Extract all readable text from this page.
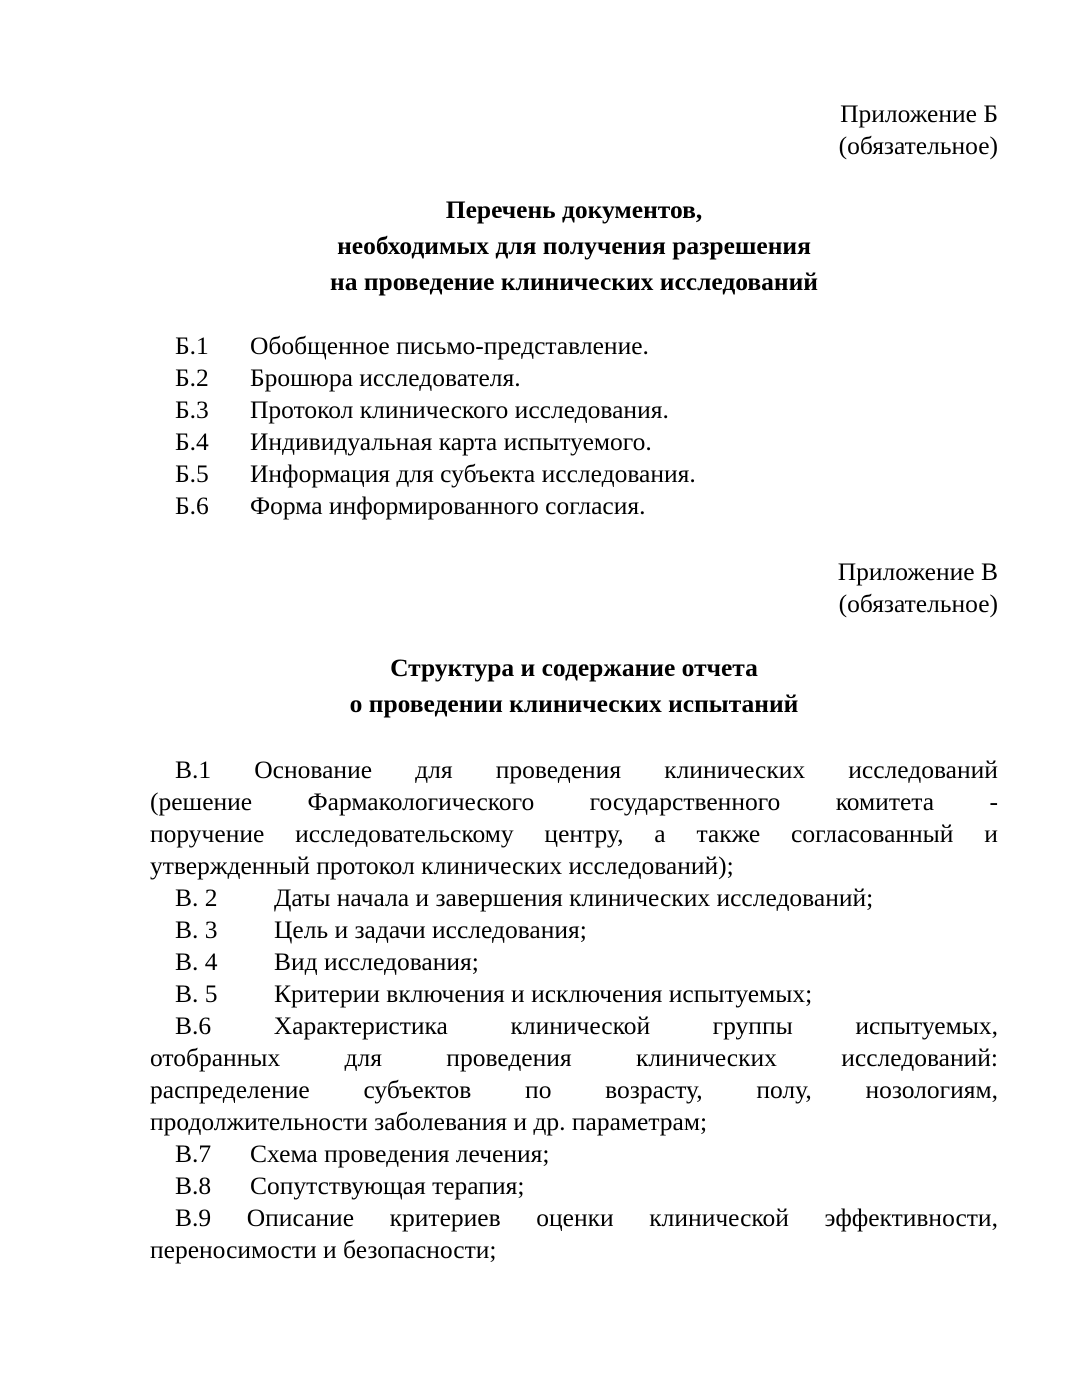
Приложение Б
(обязательное)
Перечень документов,
необходимых для получения разрешения
на проведение клинических исследований
Б.1	Обобщенное письмо-представление.
Б.2	Брошюра исследователя.
Б.3	Протокол клинического исследования.
Б.4	Индивидуальная карта испытуемого.
Б.5	Информация для субъекта исследования.
Б.6	Форма информированного согласия.
Приложение В
(обязательное)
Структура и содержание отчета
о проведении клинических испытаний
В.1 Основание для проведения клинических исследований
(решение Фармакологического государственного комитета -
поручение исследовательскому центру, а также согласованный и
утвержденный протокол клинических исследований);
В. 2	Даты начала и завершения клинических исследований;
В. 3	Цель и задачи исследования;
В. 4	Вид исследования;
В. 5	Критерии включения и исключения испытуемых;
В.6 Характеристика клинической группы испытуемых,
отобранных	для	проведения	клинических	исследований:
распределение субъектов по возрасту, полу, нозологиям,
продолжительности заболевания и др. параметрам;
В.7	Схема проведения лечения;
В.8	Сопутствующая терапия;
В.9 Описание критериев оценки клинической эффективности,
переносимости и безопасности;
